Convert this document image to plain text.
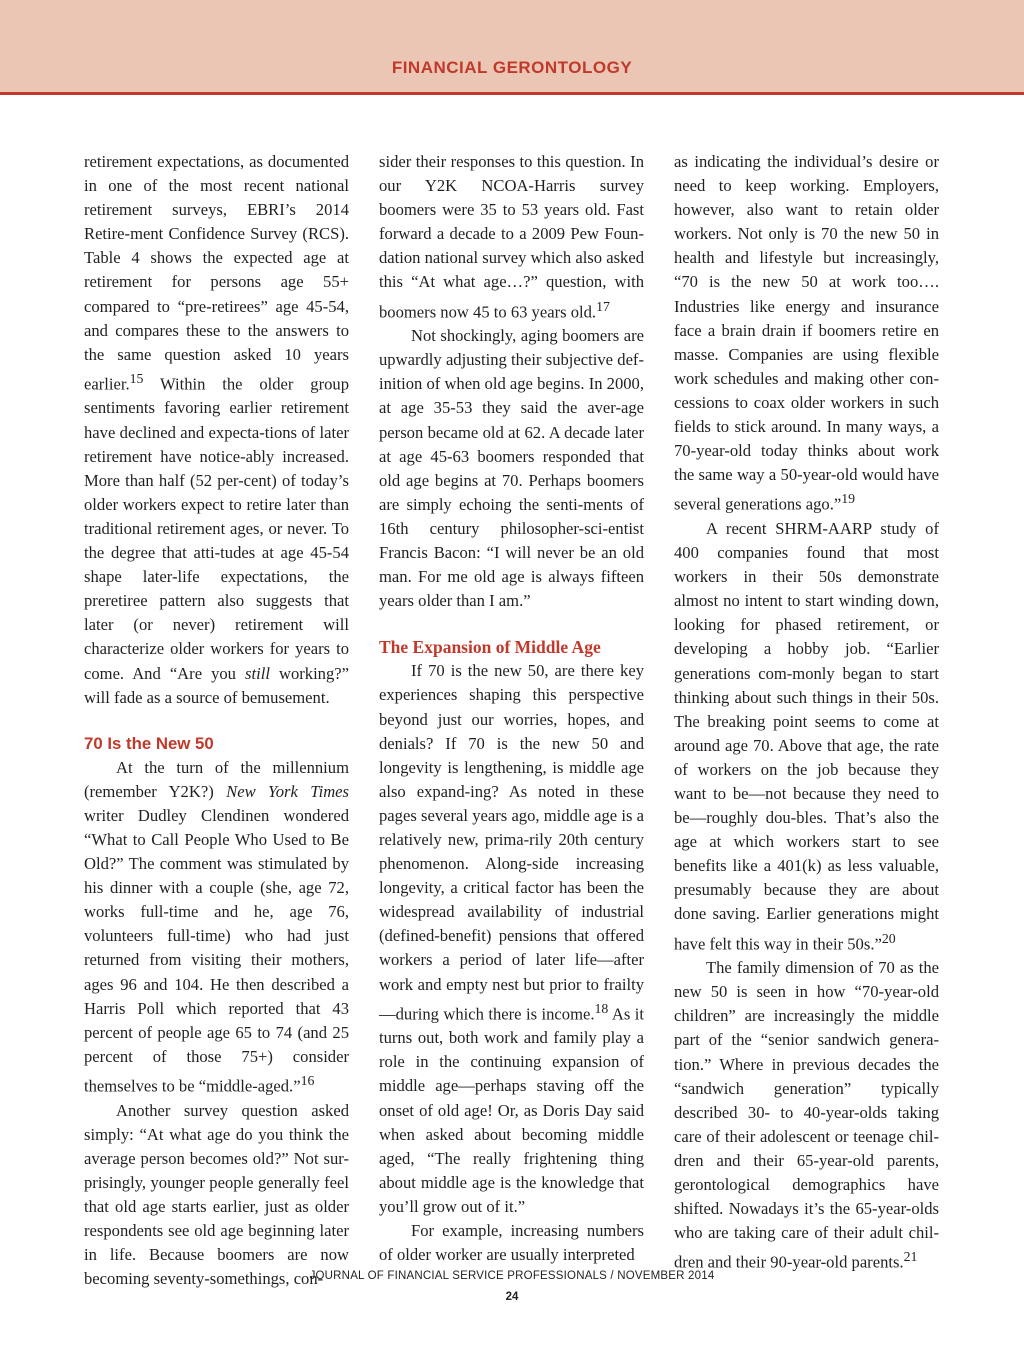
FINANCIAL GERONTOLOGY

retirement expectations, as documented in one of the most recent national retirement surveys, EBRI’s 2014 Retire-ment Confidence Survey (RCS). Table 4 shows the expected age at retirement for persons age 55+ compared to “pre-retirees” age 45-54, and compares these to the answers to the same question asked 10 years earlier.$^{15}$ Within the older group sentiments favoring earlier retirement have declined and expecta-tions of later retirement have notice-ably increased. More than half (52 per-cent) of today’s older workers expect to retire later than traditional retirement ages, or never. To the degree that atti-tudes at age 45-54 shape later-life expectations, the preretiree pattern also suggests that later (or never) retirement will characterize older workers for years to come. And “Are you still working?” will fade as a source of bemusement.

70 Is the New 50

At the turn of the millennium (remember Y2K?) New York Times writer Dudley Clendinen wondered “What to Call People Who Used to Be Old?” The comment was stimulated by his dinner with a couple (she, age 72, works full-time and he, age 76, volunteers full-time) who had just returned from visiting their mothers, ages 96 and 104. He then described a Harris Poll which reported that 43 percent of people age 65 to 74 (and 25 percent of those 75+) consider themselves to be “middle-aged.”$^{16}$

Another survey question asked simply: “At what age do you think the average person becomes old?” Not sur-prisingly, younger people generally feel that old age starts earlier, just as older respondents see old age beginning later in life. Because boomers are now becoming seventy-somethings, con-

sider their responses to this question. In our Y2K NCOA-Harris survey boomers were 35 to 53 years old. Fast forward a decade to a 2009 Pew Foun-dation national survey which also asked this “At what age…?” question, with boomers now 45 to 63 years old.$^{17}$

Not shockingly, aging boomers are upwardly adjusting their subjective def-inition of when old age begins. In 2000, at age 35-53 they said the aver-age person became old at 62. A decade later at age 45-63 boomers responded that old age begins at 70. Perhaps boomers are simply echoing the senti-ments of 16th century philosopher-sci-entist Francis Bacon: “I will never be an old man. For me old age is always fifteen years older than I am.”

The Expansion of Middle Age

If 70 is the new 50, are there key experiences shaping this perspective beyond just our worries, hopes, and denials? If 70 is the new 50 and longevity is lengthening, is middle age also expand-ing? As noted in these pages several years ago, middle age is a relatively new, prima-rily 20th century phenomenon. Along-side increasing longevity, a critical factor has been the widespread availability of industrial (defined-benefit) pensions that offered workers a period of later life—after work and empty nest but prior to frailty—during which there is income.$^{18}$ As it turns out, both work and family play a role in the continuing expansion of middle age—perhaps staving off the onset of old age! Or, as Doris Day said when asked about becoming middle aged, “The really frightening thing about middle age is the knowledge that you’ll grow out of it.”

For example, increasing numbers of older worker are usually interpreted

as indicating the individual’s desire or need to keep working. Employers, however, also want to retain older workers. Not only is 70 the new 50 in health and lifestyle but increasingly, “70 is the new 50 at work too…. Industries like energy and insurance face a brain drain if boomers retire en masse. Companies are using flexible work schedules and making other con-cessions to coax older workers in such fields to stick around. In many ways, a 70-year-old today thinks about work the same way a 50-year-old would have several generations ago.”$^{19}$

A recent SHRM-AARP study of 400 companies found that most workers in their 50s demonstrate almost no intent to start winding down, looking for phased retirement, or developing a hobby job. “Earlier generations com-monly began to start thinking about such things in their 50s. The breaking point seems to come at around age 70. Above that age, the rate of workers on the job because they want to be—not because they need to be—roughly dou-bles. That’s also the age at which workers start to see benefits like a 401(k) as less valuable, presumably because they are about done saving. Earlier generations might have felt this way in their 50s.”$^{20}$

The family dimension of 70 as the new 50 is seen in how “70-year-old children” are increasingly the middle part of the “senior sandwich genera-tion.” Where in previous decades the “sandwich generation” typically described 30- to 40-year-olds taking care of their adolescent or teenage chil-dren and their 65-year-old parents, gerontological demographics have shifted. Nowadays it’s the 65-year-olds who are taking care of their adult chil-dren and their 90-year-old parents.$^{21}$

JOURNAL OF FINANCIAL SERVICE PROFESSIONALS / NOVEMBER 2014
24
